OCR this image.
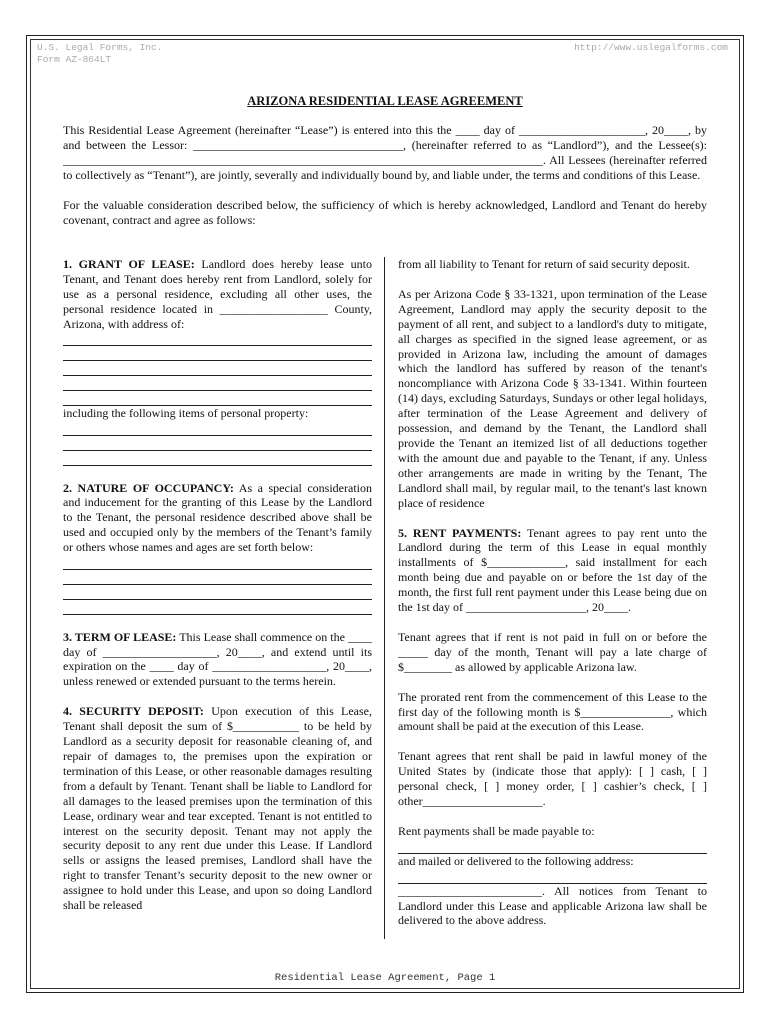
U.S. Legal Forms, Inc.
Form AZ-864LT
http://www.uslegalforms.com
ARIZONA RESIDENTIAL LEASE AGREEMENT

This Residential Lease Agreement (hereinafter “Lease”) is entered into this the ____ day of _____________________, 20____, by and between the Lessor: ___________________________________, (hereinafter referred to as “Landlord”), and the Lessee(s): ________________________________________________________________________________. All Lessees (hereinafter referred to collectively as “Tenant”), are jointly, severally and individually bound by, and liable under, the terms and conditions of this Lease.

For the valuable consideration described below, the sufficiency of which is hereby acknowledged, Landlord and Tenant do hereby covenant, contract and agree as follows:

1. GRANT OF LEASE: Landlord does hereby lease unto Tenant, and Tenant does hereby rent from Landlord, solely for use as a personal residence, excluding all other uses, the personal residence located in __________________ County, Arizona, with address of:

including the following items of personal property:

2. NATURE OF OCCUPANCY: As a special consideration and inducement for the granting of this Lease by the Landlord to the Tenant, the personal residence described above shall be used and occupied only by the members of the Tenant’s family or others whose names and ages are set forth below:

3. TERM OF LEASE: This Lease shall commence on the ____ day of ___________________, 20____, and extend until its expiration on the ____ day of ___________________, 20____, unless renewed or extended pursuant to the terms herein.

4. SECURITY DEPOSIT: Upon execution of this Lease, Tenant shall deposit the sum of $___________ to be held by Landlord as a security deposit for reasonable cleaning of, and repair of damages to, the premises upon the expiration or termination of this Lease, or other reasonable damages resulting from a default by Tenant. Tenant shall be liable to Landlord for all damages to the leased premises upon the termination of this Lease, ordinary wear and tear excepted. Tenant is not entitled to interest on the security deposit. Tenant may not apply the security deposit to any rent due under this Lease. If Landlord sells or assigns the leased premises, Landlord shall have the right to transfer Tenant’s security deposit to the new owner or assignee to hold under this Lease, and upon so doing Landlord shall be released

from all liability to Tenant for return of said security deposit.

As per Arizona Code § 33-1321, upon termination of the Lease Agreement, Landlord may apply the security deposit to the payment of all rent, and subject to a landlord's duty to mitigate, all charges as specified in the signed lease agreement, or as provided in Arizona law, including the amount of damages which the landlord has suffered by reason of the tenant's noncompliance with Arizona Code § 33-1341. Within fourteen (14) days, excluding Saturdays, Sundays or other legal holidays, after termination of the Lease Agreement and delivery of possession, and demand by the Tenant, the Landlord shall provide the Tenant an itemized list of all deductions together with the amount due and payable to the Tenant, if any. Unless other arrangements are made in writing by the Tenant, The Landlord shall mail, by regular mail, to the tenant's last known place of residence

5. RENT PAYMENTS: Tenant agrees to pay rent unto the Landlord during the term of this Lease in equal monthly installments of $_____________, said installment for each month being due and payable on or before the 1st day of the month, the first full rent payment under this Lease being due on the 1st day of ____________________, 20____.

Tenant agrees that if rent is not paid in full on or before the _____ day of the month, Tenant will pay a late charge of $________ as allowed by applicable Arizona law.

The prorated rent from the commencement of this Lease to the first day of the following month is $_______________, which amount shall be paid at the execution of this Lease.

Tenant agrees that rent shall be paid in lawful money of the United States by (indicate those that apply): [ ] cash, [ ] personal check, [ ] money order, [ ] cashier’s check, [ ] other____________________.

Rent payments shall be made payable to:
and mailed or delivered to the following address:
________________________. All notices from Tenant to Landlord under this Lease and applicable Arizona law shall be delivered to the above address.
Residential Lease Agreement, Page 1
